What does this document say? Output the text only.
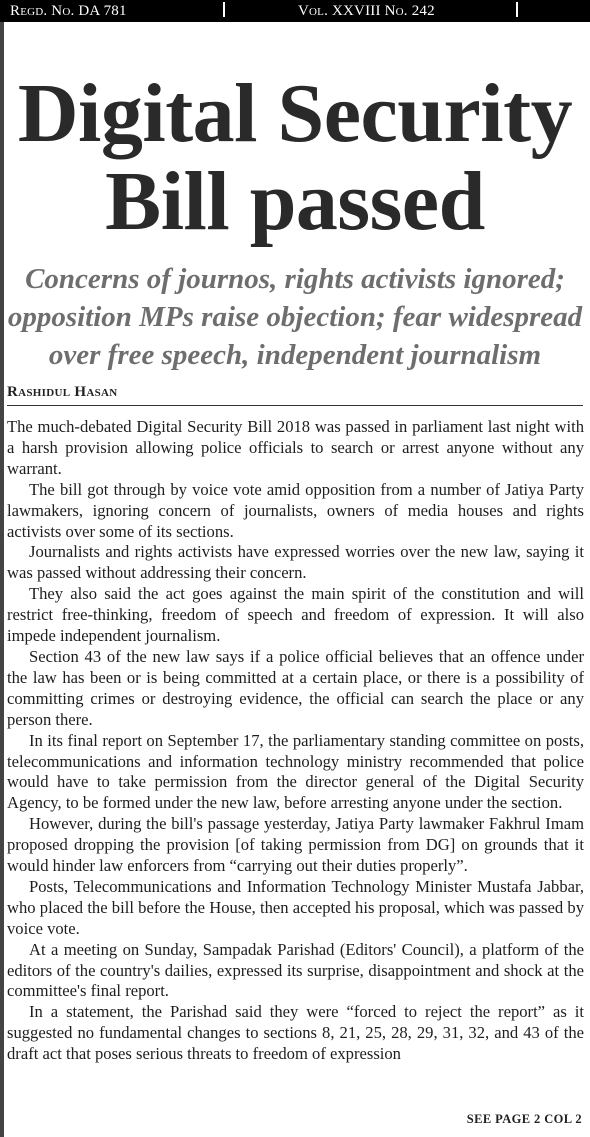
Regd. No. DA 781	Vol. XXVIII No. 242
Digital Security
Bill passed
Concerns of journos, rights activists ignored;
opposition MPs raise objection; fear widespread
over free speech, independent journalism
Rashidul Hasan

The much-debated Digital Security Bill 2018 was passed in parliament last night with a harsh provision allowing police officials to search or arrest anyone without any warrant.

The bill got through by voice vote amid opposition from a number of Jatiya Party lawmakers, ignoring concern of journalists, owners of media houses and rights activists over some of its sections.

Journalists and rights activists have expressed worries over the new law, saying it was passed without addressing their concern.

They also said the act goes against the main spirit of the constitution and will restrict free-thinking, freedom of speech and freedom of expression. It will also impede independent journalism.

Section 43 of the new law says if a police official believes that an offence under the law has been or is being committed at a certain place, or there is a possibility of committing crimes or destroying evidence, the official can search the place or any person there.

In its final report on September 17, the parliamentary standing committee on posts, telecommunications and information technology ministry recommended that police would have to take permission from the director general of the Digital Security Agency, to be formed under the new law, before arresting anyone under the section.

However, during the bill's passage yesterday, Jatiya Party lawmaker Fakhrul Imam proposed dropping the provision [of taking permission from DG] on grounds that it would hinder law enforcers from “carrying out their duties properly”.

Posts, Telecommunications and Information Technology Minister Mustafa Jabbar, who placed the bill before the House, then accepted his proposal, which was passed by voice vote.

At a meeting on Sunday, Sampadak Parishad (Editors' Council), a platform of the editors of the country's dailies, expressed its surprise, disappointment and shock at the committee's final report.

In a statement, the Parishad said they were “forced to reject the report” as it suggested no fundamental changes to sections 8, 21, 25, 28, 29, 31, 32, and 43 of the draft act that poses serious threats to freedom of expression

SEE PAGE 2 COL 2
